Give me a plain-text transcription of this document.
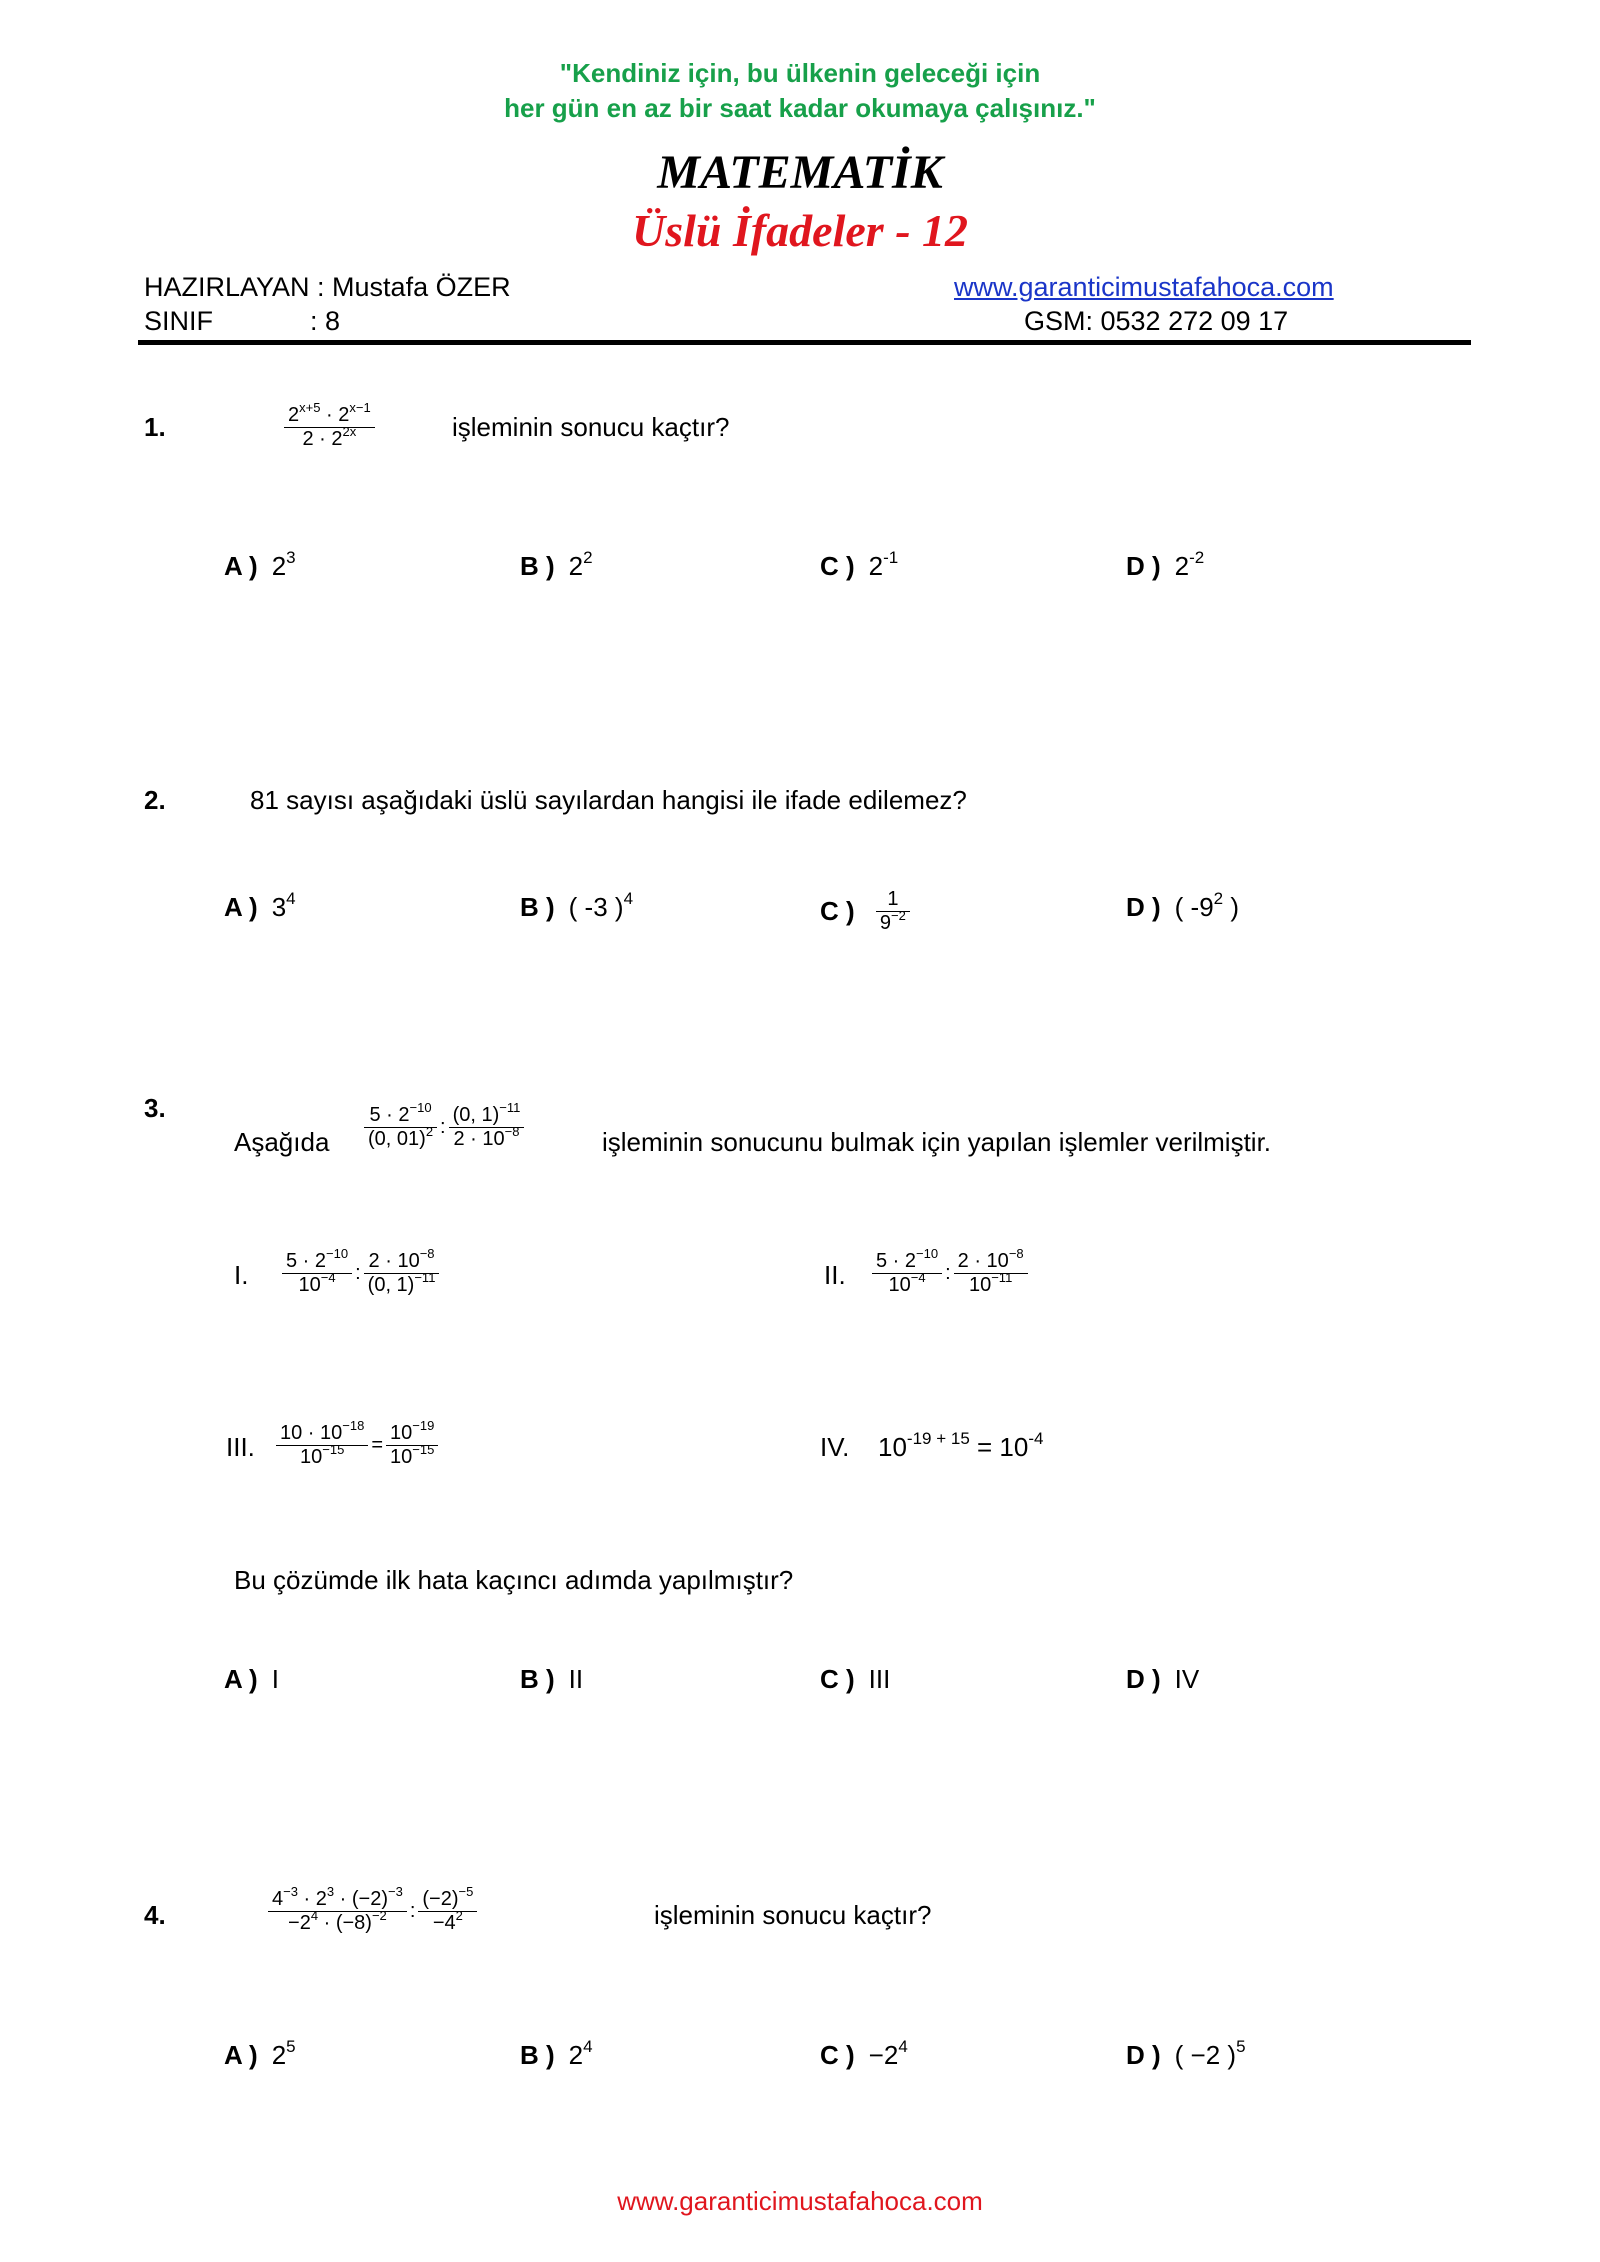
"Kendiniz için, bu ülkenin geleceği için
her gün en az bir saat kadar okumaya çalışınız."
MATEMATİK
Üslü İfadeler - 12
HAZIRLAYAN : Mustafa ÖZER
SINIF	: 8
www.garanticimustafahoca.com
GSM: 0532 272 09 17
1.	$\frac{2^{x+5} \cdot 2^{x-1}}{2 \cdot 2^{2x}}$	işleminin sonucu kaçtır?
A ) $2^3$	B ) $2^2$	C ) $2^{-1}$	D ) $2^{-2}$
2.	81 sayısı aşağıdaki üslü sayılardan hangisi ile ifade edilemez?
A ) $3^4$	B ) ( -3 )$^4$	C ) $\frac{1}{9^{-2}}$	D ) ( $-9^2$ )
3.
Aşağıda $\frac{5 \cdot 2^{-10}}{(0, 01)^2}$ : $\frac{(0, 1)^{-11}}{2 \cdot 10^{-8}}$	işleminin sonucunu bulmak için yapılan işlemler verilmiştir.
I. $\frac{5 \cdot 2^{-10}}{10^{-4}}$ : $\frac{2 \cdot 10^{-8}}{(0, 1)^{-11}}$	II. $\frac{5 \cdot 2^{-10}}{10^{-4}}$ : $\frac{2 \cdot 10^{-8}}{10^{-11}}$
III. $\frac{10 \cdot 10^{-18}}{10^{-15}} = \frac{10^{-19}}{10^{-15}}$	IV. $10^{-19 + 15} = 10^{-4}$
Bu çözümde ilk hata kaçıncı adımda yapılmıştır?
A ) I	B ) II	C ) III	D ) IV
4.	$\frac{4^{-3} \cdot 2^3 \cdot (-2)^{-3}}{-2^4 \cdot (-8)^{-2}}$ : $\frac{(-2)^{-5}}{-4^2}$	işleminin sonucu kaçtır?
A ) $2^5$	B ) $2^4$	C ) $-2^4$	D ) ( −2 )$^5$
www.garanticimustafahoca.com
